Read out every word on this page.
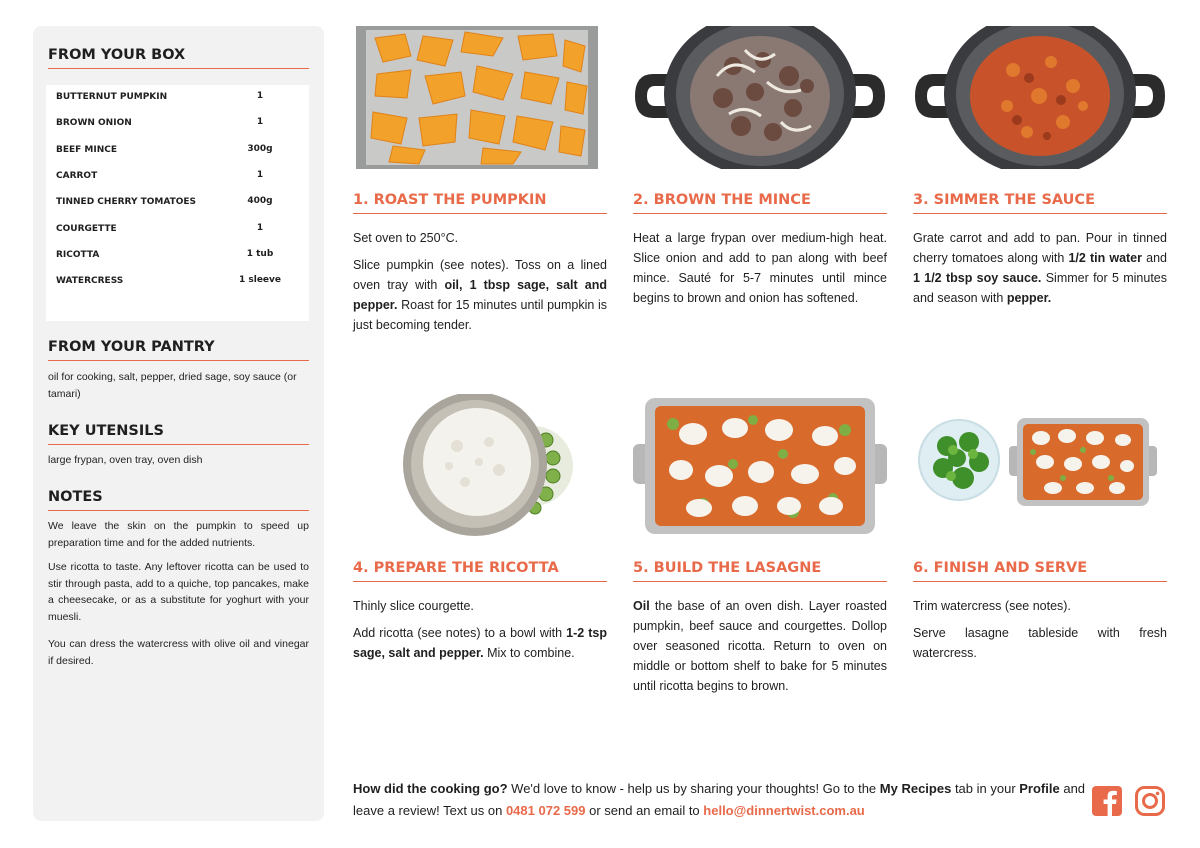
FROM YOUR BOX
BUTTERNUT PUMPKIN	1
BROWN ONION	1
BEEF MINCE	300g
CARROT	1
TINNED CHERRY TOMATOES	400g
COURGETTE	1
RICOTTA	1 tub
WATERCRESS	1 sleeve
FROM YOUR PANTRY
oil for cooking, salt, pepper, dried sage, soy sauce (or tamari)
KEY UTENSILS
large frypan, oven tray, oven dish
NOTES
We leave the skin on the pumpkin to speed up preparation time and for the added nutrients.
Use ricotta to taste. Any leftover ricotta can be used to stir through pasta, add to a quiche, top pancakes, make a cheesecake, or as a substitute for yoghurt with your muesli.
You can dress the watercress with olive oil and vinegar if desired.
1. ROAST THE PUMPKIN

Set oven to 250°C.

Slice pumpkin (see notes). Toss on a lined oven tray with oil, 1 tbsp sage, salt and pepper. Roast for 15 minutes until pumpkin is just becoming tender.

2. BROWN THE MINCE

Heat a large frypan over medium-high heat. Slice onion and add to pan along with beef mince. Sauté for 5-7 minutes until mince begins to brown and onion has softened.

3. SIMMER THE SAUCE

Grate carrot and add to pan. Pour in tinned cherry tomatoes along with 1/2 tin water and 1 1/2 tbsp soy sauce. Simmer for 5 minutes and season with pepper.

4. PREPARE THE RICOTTA

Thinly slice courgette.

Add ricotta (see notes) to a bowl with 1-2 tsp sage, salt and pepper. Mix to combine.

5. BUILD THE LASAGNE

Oil the base of an oven dish. Layer roasted pumpkin, beef sauce and courgettes. Dollop over seasoned ricotta. Return to oven on middle or bottom shelf to bake for 5 minutes until ricotta begins to brown.

6. FINISH AND SERVE

Trim watercress (see notes).

Serve lasagne tableside with fresh watercress.

How did the cooking go? We'd love to know - help us by sharing your thoughts! Go to the My Recipes tab in your Profile and leave a review! Text us on 0481 072 599 or send an email to hello@dinnertwist.com.au
